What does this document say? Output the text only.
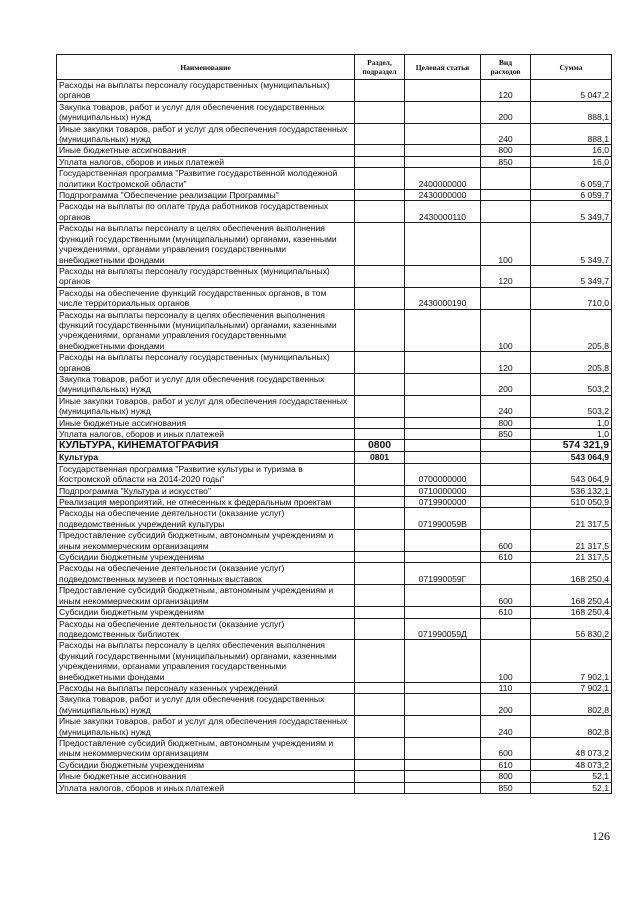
Наименование	Раздел, подраздел	Целевая статья	Вид расходов	Сумма
Расходы на выплаты персоналу государственных (муниципальных) органов			120	5 047,2
Закупка товаров, работ и услуг для обеспечения государственных (муниципальных) нужд			200	888,1
Иные закупки товаров, работ и услуг для обеспечения государственных (муниципальных) нужд			240	888,1
Иные бюджетные ассигнования			800	16,0
Уплата налогов, сборов и иных платежей			850	16,0
Государственная программа "Развитие государственной молодежной политики Костромской области"		2400000000		6 059,7
Подпрограмма "Обеспечение реализации Программы"		2430000000		6 059,7
Расходы на выплаты по оплате труда работников государственных органов		2430000110		5 349,7
Расходы на выплаты персоналу в целях обеспечения выполнения функций государственными (муниципальными) органами, казенными учреждениями, органами управления государственными внебюджетными фондами			100	5 349,7
Расходы на выплаты персоналу государственных (муниципальных) органов			120	5 349,7
Расходы на обеспечение функций государственных органов, в том числе территориальных органов		2430000190		710,0
Расходы на выплаты персоналу в целях обеспечения выполнения функций государственными (муниципальными) органами, казенными учреждениями, органами управления государственными внебюджетными фондами			100	205,8
Расходы на выплаты персоналу государственных (муниципальных) органов			120	205,8
Закупка товаров, работ и услуг для обеспечения государственных (муниципальных) нужд			200	503,2
Иные закупки товаров, работ и услуг для обеспечения государственных (муниципальных) нужд			240	503,2
Иные бюджетные ассигнования			800	1,0
Уплата налогов, сборов и иных платежей			850	1,0
КУЛЬТУРА, КИНЕМАТОГРАФИЯ	0800			574 321,9
Культура	0801			543 064,9
Государственная программа "Развитие культуры и туризма в Костромской области на 2014-2020 годы"		0700000000		543 064,9
Подпрограмма "Культура и искусство"		0710000000		536 132,1
Реализация мероприятий, не отнесенных к федеральным проектам		0719900000		510 050,9
Расходы на обеспечение деятельности (оказание услуг) подведомственных учреждений культуры		071990059В		21 317,5
Предоставление субсидий бюджетным, автономным учреждениям и иным некоммерческим организациям			600	21 317,5
Субсидии бюджетным учреждениям			610	21 317,5
Расходы на обеспечение деятельности (оказание услуг) подведомственных музеев и постоянных выставок		071990059Г		168 250,4
Предоставление субсидий бюджетным, автономным учреждениям и иным некоммерческим организациям			600	168 250,4
Субсидии бюджетным учреждениям			610	168 250,4
Расходы на обеспечение деятельности (оказание услуг) подведомственных библиотек		071990059Д		56 830,2
Расходы на выплаты персоналу в целях обеспечения выполнения функций государственными (муниципальными) органами, казенными учреждениями, органами управления государственными внебюджетными фондами			100	7 902,1
Расходы на выплаты персоналу казенных учреждений			110	7 902,1
Закупка товаров, работ и услуг для обеспечения государственных (муниципальных) нужд			200	802,8
Иные закупки товаров, работ и услуг для обеспечения государственных (муниципальных) нужд			240	802,8
Предоставление субсидий бюджетным, автономным учреждениям и иным некоммерческим организациям			600	48 073,2
Субсидии бюджетным учреждениям			610	48 073,2
Иные бюджетные ассигнования			800	52,1
Уплата налогов, сборов и иных платежей			850	52,1
126
